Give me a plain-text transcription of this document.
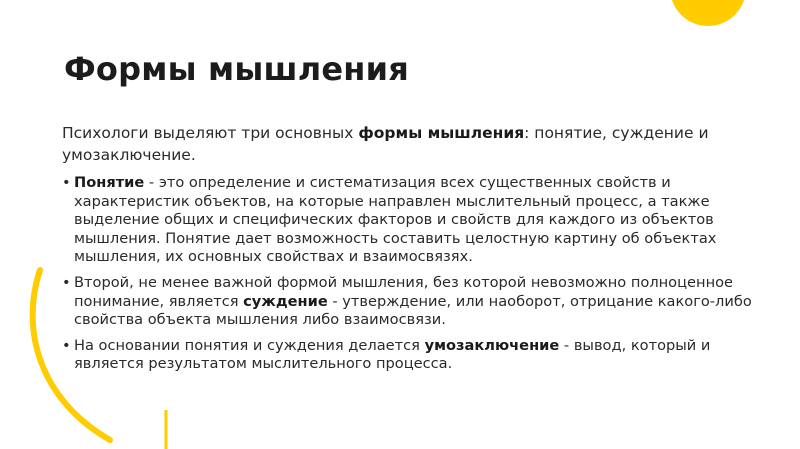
Формы мышления

Психологи выделяют три основных формы мышления: понятие, суждение и умозаключение.

• Понятие - это определение и систематизация всех существенных свойств и характеристик объектов, на которые направлен мыслительный процесс, а также выделение общих и специфических факторов и свойств для каждого из объектов мышления. Понятие дает возможность составить целостную картину об объектах мышления, их основных свойствах и взаимосвязях.

• Второй, не менее важной формой мышления, без которой невозможно полноценное понимание, является суждение - утверждение, или наоборот, отрицание какого-либо свойства объекта мышления либо взаимосвязи.

• На основании понятия и суждения делается умозаключение - вывод, который и является результатом мыслительного процесса.
